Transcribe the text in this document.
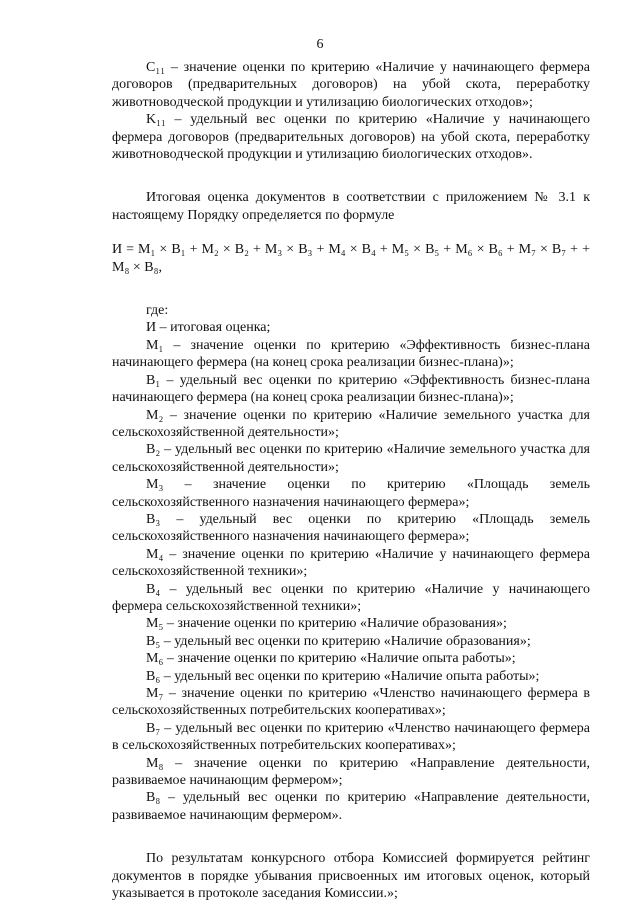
6

C₁₁ – значение оценки по критерию «Наличие у начинающего фермера договоров (предварительных договоров) на убой скота, переработку животноводческой продукции и утилизацию биологических отходов»;

K₁₁ – удельный вес оценки по критерию «Наличие у начинающего фермера договоров (предварительных договоров) на убой скота, переработку животноводческой продукции и утилизацию биологических отходов».

Итоговая оценка документов в соответствии с приложением № 3.1 к настоящему Порядку определяется по формуле

И = M₁ × B₁ + M₂ × B₂ + M₃ × B₃ + M₄ × B₄ + M₅ × B₅ + M₆ × B₆ + M₇ × B₇ + + M₈ × B₈,

где:

И – итоговая оценка;

M₁ – значение оценки по критерию «Эффективность бизнес-плана начинающего фермера (на конец срока реализации бизнес-плана)»;

B₁ – удельный вес оценки по критерию «Эффективность бизнес-плана начинающего фермера (на конец срока реализации бизнес-плана)»;

M₂ – значение оценки по критерию «Наличие земельного участка для сельскохозяйственной деятельности»;

B₂ – удельный вес оценки по критерию «Наличие земельного участка для сельскохозяйственной деятельности»;

M₃ – значение оценки по критерию «Площадь земель сельскохозяйственного назначения начинающего фермера»;

B₃ – удельный вес оценки по критерию «Площадь земель сельскохозяйственного назначения начинающего фермера»;

M₄ – значение оценки по критерию «Наличие у начинающего фермера сельскохозяйственной техники»;

B₄ – удельный вес оценки по критерию «Наличие у начинающего фермера сельскохозяйственной техники»;

M₅ – значение оценки по критерию «Наличие образования»;

B₅ – удельный вес оценки по критерию «Наличие образования»;

M₆ – значение оценки по критерию «Наличие опыта работы»;

B₆ – удельный вес оценки по критерию «Наличие опыта работы»;

M₇ – значение оценки по критерию «Членство начинающего фермера в сельскохозяйственных потребительских кооперативах»;

B₇ – удельный вес оценки по критерию «Членство начинающего фермера в сельскохозяйственных потребительских кооперативах»;

M₈ – значение оценки по критерию «Направление деятельности, развиваемое начинающим фермером»;

B₈ – удельный вес оценки по критерию «Направление деятельности, развиваемое начинающим фермером».

По результатам конкурсного отбора Комиссией формируется рейтинг документов в порядке убывания присвоенных им итоговых оценок, который указывается в протоколе заседания Комиссии.»;
